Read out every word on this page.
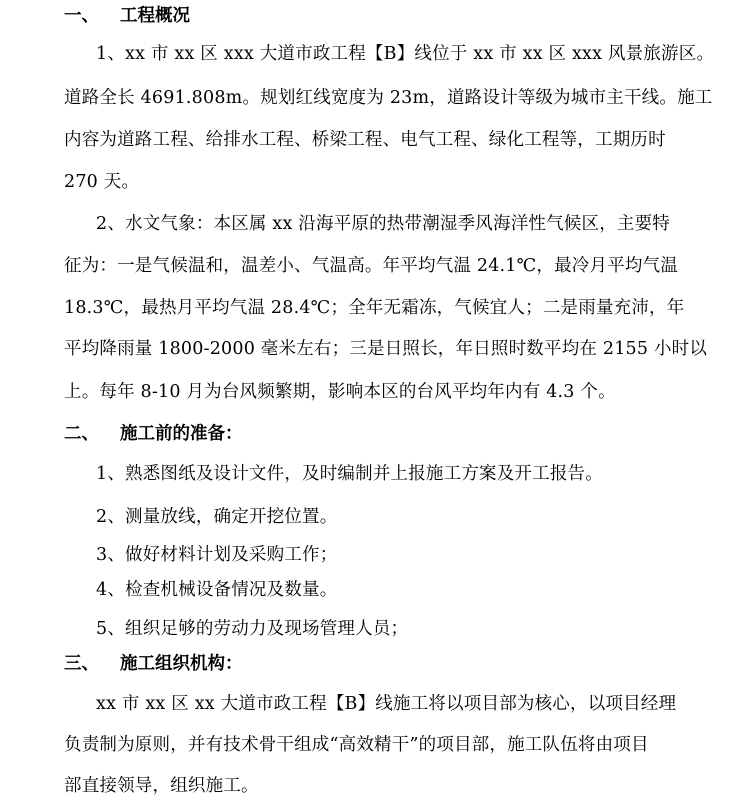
一、 工程概况
1、xx 市 xx 区 xxx 大道市政工程【B】线位于 xx 市 xx 区 xxx 风景旅游区。
道路全长 4691.808m。规划红线宽度为 23m，道路设计等级为城市主干线。施工
内容为道路工程、给排水工程、桥梁工程、电气工程、绿化工程等，工期历时
270 天。
2、水文气象：本区属 xx 沿海平原的热带潮湿季风海洋性气候区，主要特
征为：一是气候温和，温差小、气温高。年平均气温 24.1℃，最冷月平均气温
18.3℃，最热月平均气温 28.4℃；全年无霜冻，气候宜人；二是雨量充沛，年
平均降雨量 1800-2000 毫米左右；三是日照长，年日照时数平均在 2155 小时以
上。每年 8-10 月为台风频繁期，影响本区的台风平均年内有 4.3 个。
二、 施工前的准备：
1、熟悉图纸及设计文件，及时编制并上报施工方案及开工报告。
2、测量放线，确定开挖位置。
3、做好材料计划及采购工作；
4、检查机械设备情况及数量。
5、组织足够的劳动力及现场管理人员；
三、 施工组织机构：
xx 市 xx 区 xx 大道市政工程【B】线施工将以项目部为核心，以项目经理
负责制为原则，并有技术骨干组成“高效精干”的项目部，施工队伍将由项目
部直接领导，组织施工。
